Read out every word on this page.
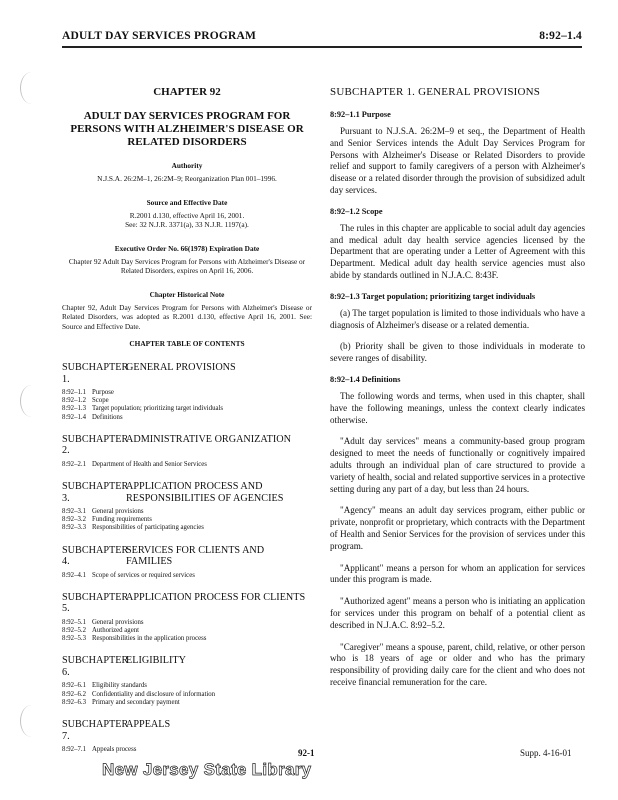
ADULT DAY SERVICES PROGRAM	8:92–1.4
CHAPTER 92
ADULT DAY SERVICES PROGRAM FOR PERSONS WITH ALZHEIMER'S DISEASE OR RELATED DISORDERS
Authority
N.J.S.A. 26:2M–1, 26:2M–9; Reorganization Plan 001–1996.
Source and Effective Date
R.2001 d.130, effective April 16, 2001.
See: 32 N.J.R. 3371(a), 33 N.J.R. 1197(a).
Executive Order No. 66(1978) Expiration Date
Chapter 92 Adult Day Services Program for Persons with Alzheimer's Disease or Related Disorders, expires on April 16, 2006.
Chapter Historical Note
Chapter 92, Adult Day Services Program for Persons with Alzheimer's Disease or Related Disorders, was adopted as R.2001 d.130, effective April 16, 2001. See: Source and Effective Date.
CHAPTER TABLE OF CONTENTS
SUBCHAPTER 1.GENERAL PROVISIONS
8:92–1.1 Purpose
8:92–1.2 Scope
8:92–1.3 Target population; prioritizing target individuals
8:92–1.4 Definitions
SUBCHAPTER 2.ADMINISTRATIVE ORGANIZATION
8:92–2.1 Department of Health and Senior Services
SUBCHAPTER 3.APPLICATION PROCESS AND RESPONSIBILITIES OF AGENCIES
8:92–3.1 General provisions
8:92–3.2 Funding requirements
8:92–3.3 Responsibilities of participating agencies
SUBCHAPTER 4.SERVICES FOR CLIENTS AND FAMILIES
8:92–4.1 Scope of services or required services
SUBCHAPTER 5.APPLICATION PROCESS FOR CLIENTS
8:92–5.1 General provisions
8:92–5.2 Authorized agent
8:92–5.3 Responsibilities in the application process
SUBCHAPTER 6.ELIGIBILITY
8:92–6.1 Eligibility standards
8:92–6.2 Confidentiality and disclosure of information
8:92–6.3 Primary and secondary payment
SUBCHAPTER 7.APPEALS
8:92–7.1 Appeals process
SUBCHAPTER 1. GENERAL PROVISIONS
8:92–1.1 Purpose

Pursuant to N.J.S.A. 26:2M–9 et seq., the Department of Health and Senior Services intends the Adult Day Services Program for Persons with Alzheimer's Disease or Related Disorders to provide relief and support to family caregivers of a person with Alzheimer's disease or a related disorder through the provision of subsidized adult day services.

8:92–1.2 Scope

The rules in this chapter are applicable to social adult day agencies and medical adult day health service agencies licensed by the Department that are operating under a Letter of Agreement with this Department. Medical adult day health service agencies must also abide by standards outlined in N.J.A.C. 8:43F.

8:92–1.3 Target population; prioritizing target individuals

(a) The target population is limited to those individuals who have a diagnosis of Alzheimer's disease or a related dementia.

(b) Priority shall be given to those individuals in moderate to severe ranges of disability.

8:92–1.4 Definitions

The following words and terms, when used in this chapter, shall have the following meanings, unless the context clearly indicates otherwise.

"Adult day services" means a community-based group program designed to meet the needs of functionally or cognitively impaired adults through an individual plan of care structured to provide a variety of health, social and related supportive services in a protective setting during any part of a day, but less than 24 hours.

"Agency" means an adult day services program, either public or private, nonprofit or proprietary, which contracts with the Department of Health and Senior Services for the provision of services under this program.

"Applicant" means a person for whom an application for services under this program is made.

"Authorized agent" means a person who is initiating an application for services under this program on behalf of a potential client as described in N.J.A.C. 8:92–5.2.

"Caregiver" means a spouse, parent, child, relative, or other person who is 18 years of age or older and who has the primary responsibility of providing daily care for the client and who does not receive financial remuneration for the care.

92-1	Supp. 4-16-01
New Jersey State Library
